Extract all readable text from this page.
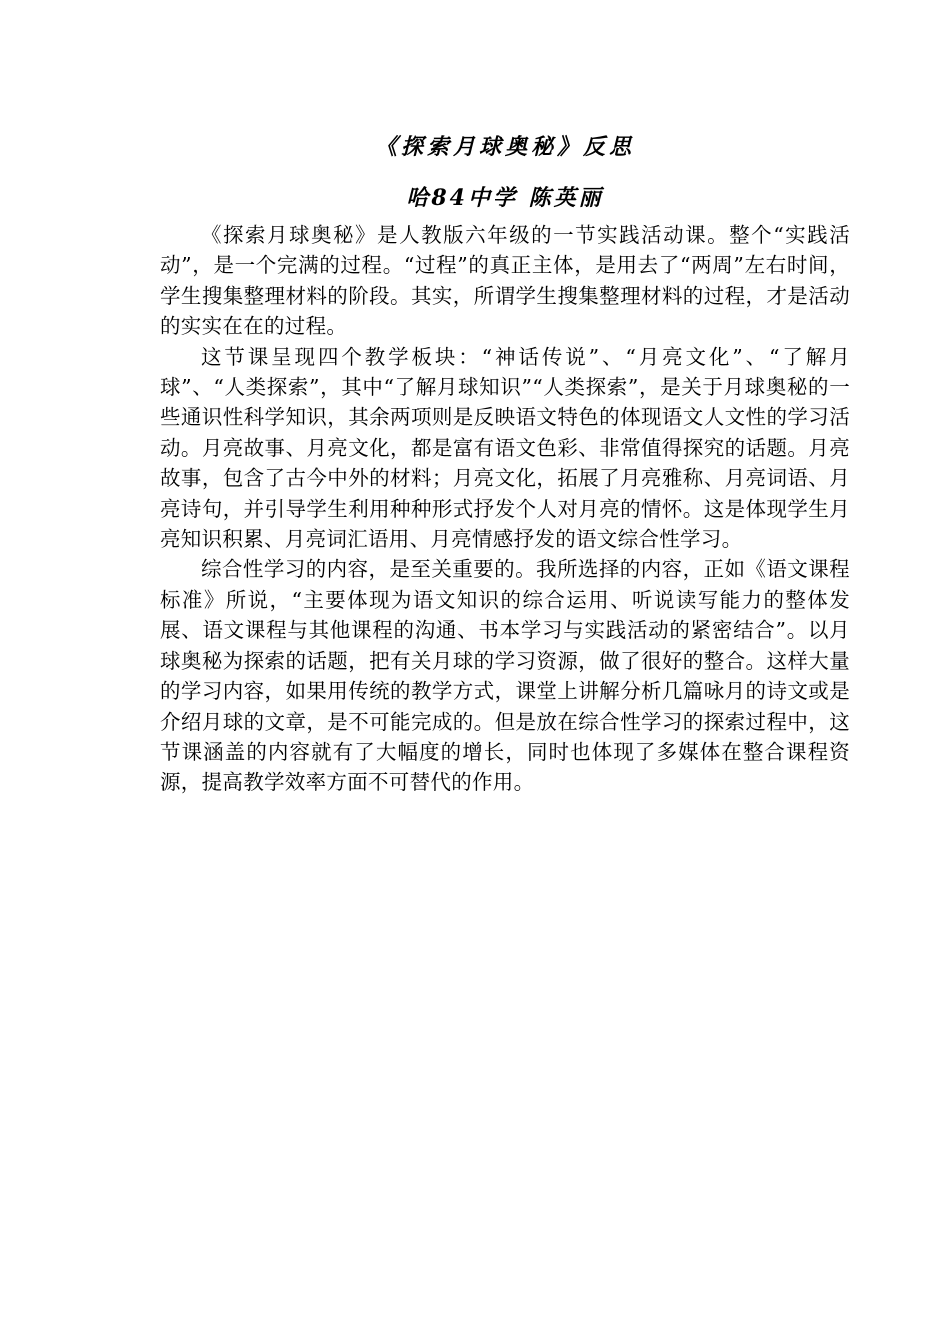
《探索月球奥秘》反思
哈84中学 陈英丽

《探索月球奥秘》是人教版六年级的一节实践活动课。整个“实践活动”，是一个完满的过程。“过程”的真正主体，是用去了“两周”左右时间，学生搜集整理材料的阶段。其实，所谓学生搜集整理材料的过程，才是活动的实实在在的过程。

这节课呈现四个教学板块：“神话传说”、“月亮文化”、“了解月球”、“人类探索”，其中“了解月球知识”“人类探索”，是关于月球奥秘的一些通识性科学知识，其余两项则是反映语文特色的体现语文人文性的学习活动。月亮故事、月亮文化，都是富有语文色彩、非常值得探究的话题。月亮故事，包含了古今中外的材料；月亮文化，拓展了月亮雅称、月亮词语、月亮诗句，并引导学生利用种种形式抒发个人对月亮的情怀。这是体现学生月亮知识积累、月亮词汇语用、月亮情感抒发的语文综合性学习。

综合性学习的内容，是至关重要的。我所选择的内容，正如《语文课程标准》所说，“主要体现为语文知识的综合运用、听说读写能力的整体发展、语文课程与其他课程的沟通、书本学习与实践活动的紧密结合”。以月球奥秘为探索的话题，把有关月球的学习资源，做了很好的整合。这样大量的学习内容，如果用传统的教学方式，课堂上讲解分析几篇咏月的诗文或是介绍月球的文章，是不可能完成的。但是放在综合性学习的探索过程中，这节课涵盖的内容就有了大幅度的增长，同时也体现了多媒体在整合课程资源，提高教学效率方面不可替代的作用。
